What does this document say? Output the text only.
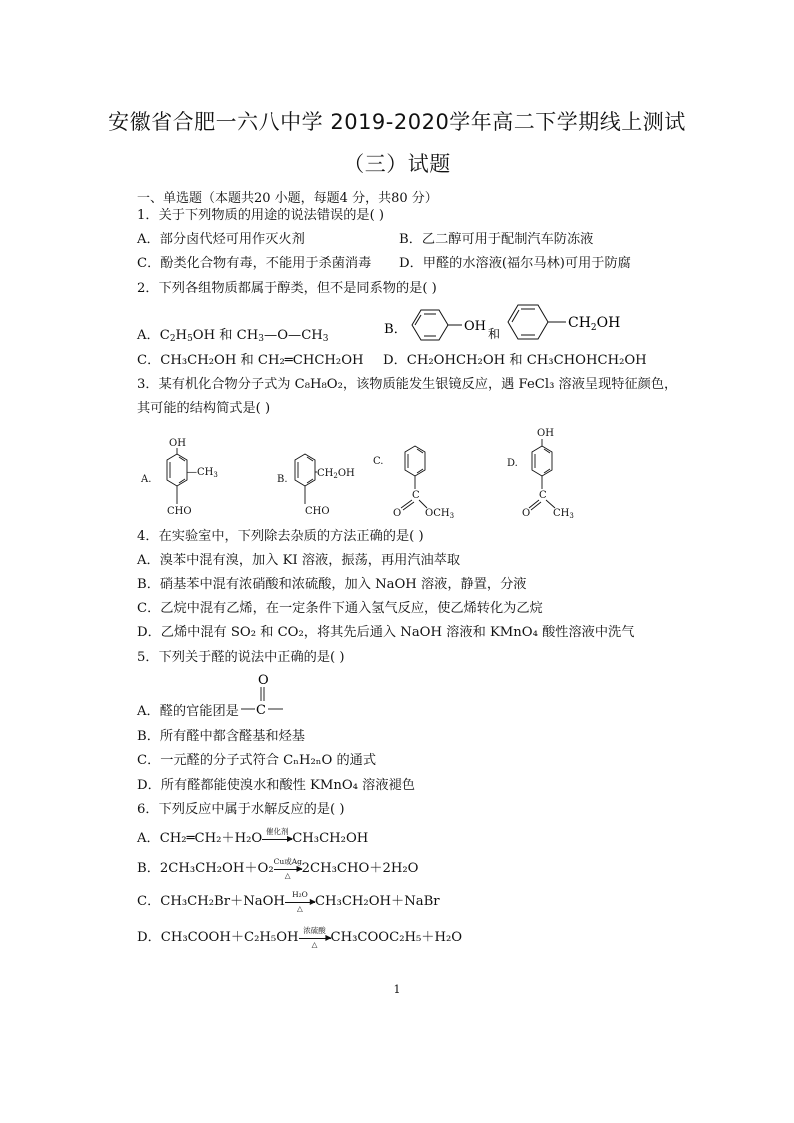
安徽省合肥一六八中学 2019-2020学年高二下学期线上测试
（三）试题
一、单选题（本题共20 小题，每题4 分，共80 分）
1．关于下列物质的用途的说法错误的是( )
A．部分卤代烃可用作灭火剂	B．乙二醇可用于配制汽车防冻液
C．酚类化合物有毒，不能用于杀菌消毒 D．甲醛的水溶液(福尔马林)可用于防腐
2．下列各组物质都属于醇类，但不是同系物的是( )
A．$C_2H_5OH$ 和 $CH_3—O—CH_3$
B．	OH 和
$CH_2OH$
C．CH₃CH₂OH 和 CH₂═CHCH₂OH D．CH₂OHCH₂OH 和 CH₃CHOHCH₂OH
3．某有机化合物分子式为 C₈H₈O₂，该物质能发生银镜反应，遇 FeCl₃ 溶液呈现特征颜色，
其可能的结构简式是( )
A.
OH
$—CH_3$
CHO
B.
$CH_2OH$
CHO
C.
C
O $OCH_3$
D.
OH
C
O $CH_3$
4．在实验室中，下列除去杂质的方法正确的是( )
A．溴苯中混有溴，加入 KI 溶液，振荡，再用汽油萃取
B．硝基苯中混有浓硝酸和浓硫酸，加入 NaOH 溶液，静置，分液
C．乙烷中混有乙烯，在一定条件下通入氢气反应，使乙烯转化为乙烷
D．乙烯中混有 SO₂ 和 CO₂，将其先后通入 NaOH 溶液和 KMnO₄ 酸性溶液中洗气
5．下列关于醛的说法中正确的是( )
A．醛的官能团是
O
C
B．所有醛中都含醛基和烃基
C．一元醛的分子式符合 CₙH₂ₙO 的通式
D．所有醛都能使溴水和酸性 KMnO₄ 溶液褪色
6．下列反应中属于水解反应的是( )
A．CH₂═CH₂＋H₂O 催化剂
▶ CH₃CH₂OH
B．2CH₃CH₂OH＋O₂ Cu或Ag
▶
△ 2CH₃CHO＋2H₂O
C．CH₃CH₂Br＋NaOH H₂O
▶
△ CH₃CH₂OH＋NaBr
D．CH₃COOH＋C₂H₅OH 浓硫酸
▶
△ CH₃COOC₂H₅＋H₂O
1
